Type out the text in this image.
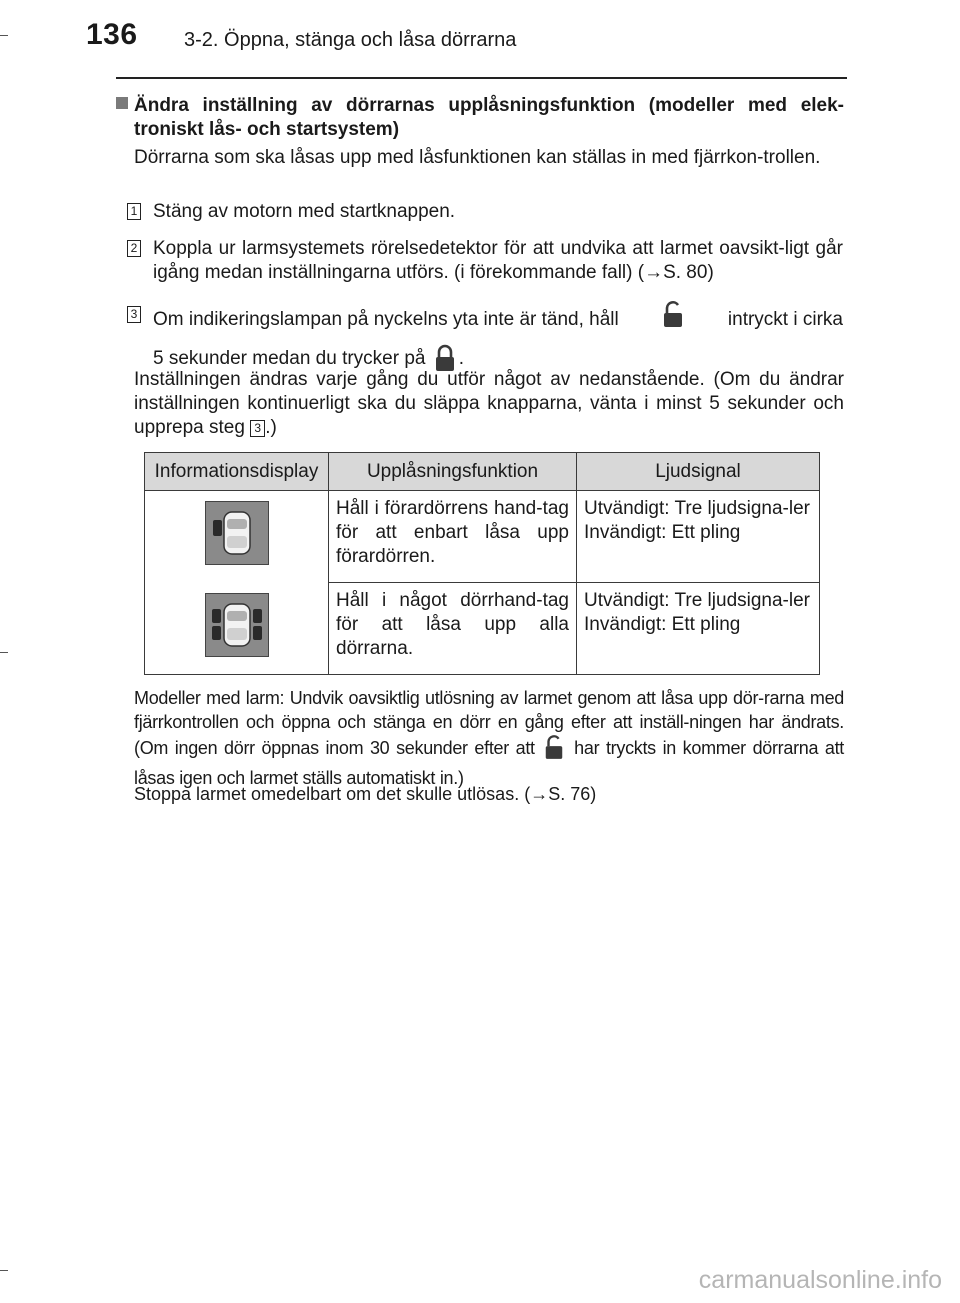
136 3-2. Öppna, stänga och låsa dörrarna

Ändra inställning av dörrarnas upplåsningsfunktion (modeller med elek-troniskt lås- och startsystem)

Dörrarna som ska låsas upp med låsfunktionen kan ställas in med fjärrkon-trollen.

1 Stäng av motorn med startknappen.

2 Koppla ur larmsystemets rörelsedetektor för att undvika att larmet oavsikt-ligt går igång medan inställningarna utförs. (i förekommande fall) (→S. 80)

3 Om indikeringslampan på nyckelns yta inte är tänd, håll	intryckt i cirka
5 sekunder medan du trycker på .

Inställningen ändras varje gång du utför något av nedanstående. (Om du ändrar inställningen kontinuerligt ska du släppa knapparna, vänta i minst 5 sekunder och upprepa steg 3 .)

Informationsdisplay	Upplåsningsfunktion	Ljudsignal

	Håll i förardörrens hand-tag för att enbart låsa upp förardörren.	Utvändigt: Tre ljudsigna-ler
Invändigt: Ett pling

	Håll i något dörrhand-tag för att låsa upp alla dörrarna.	Utvändigt: Tre ljudsigna-ler
Invändigt: Ett pling

Modeller med larm: Undvik oavsiktlig utlösning av larmet genom att låsa upp dör-rarna med fjärrkontrollen och öppna och stänga en dörr en gång efter att inställ-ningen har ändrats. (Om ingen dörr öppnas inom 30 sekunder efter att har tryckts in kommer dörrarna att låsas igen och larmet ställs automatiskt in.)

Stoppa larmet omedelbart om det skulle utlösas. (→S. 76)

carmanualsonline.info
